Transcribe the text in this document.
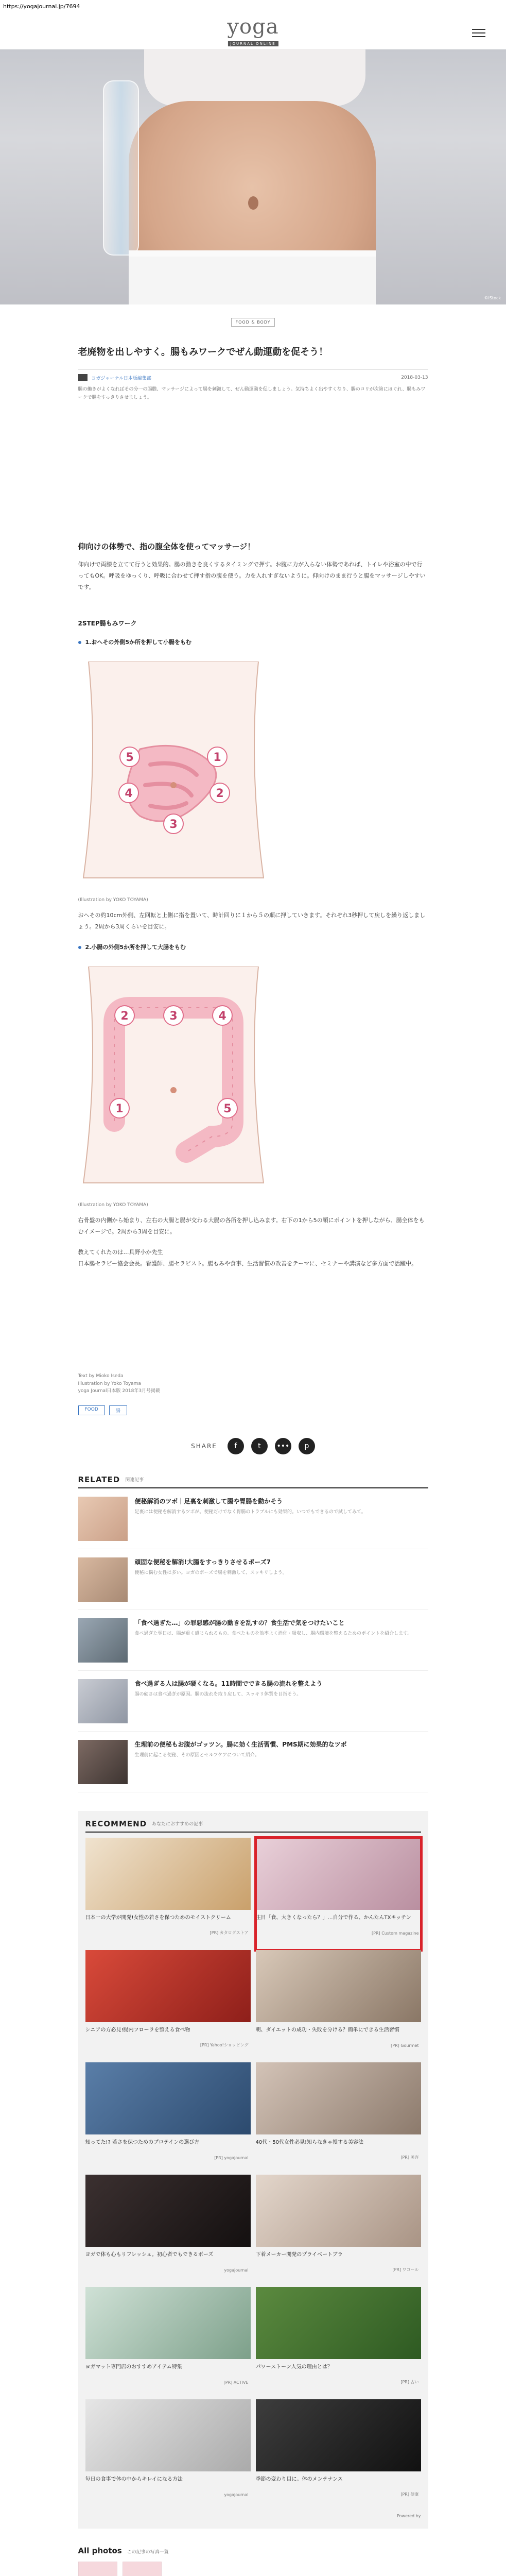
https://yogajournal.jp/7694
yoga
JOURNAL ONLINE
©iStock
FOOD & BODY
老廃物を出しやすく。腸もみワークでぜん動運動を促そう！
ヨガジャーナル日本版編集部	2018-03-13

腸の働きがよくなればその分一の腸膜、マッサージによって腸を刺激して、ぜん動運動を促しましょう。気持ちよく出やすくなり、腸のコリが次第にほぐれ、腸もみワークで腸をすっきりさせましょう。

仰向けの体勢で、指の腹全体を使ってマッサージ！

仰向けで両膝を立てて行うと効果的。腸の動きを良くするタイミングで押す。お腹に力が入らない体勢であれば、トイレや浴室の中で行ってもOK。呼吸をゆっくり、呼吸に合わせて押す指の腹を使う。力を入れすぎないように。仰向けのまま行うと腸をマッサージしやすいです。

2STEP腸もみワーク
1.おへその外側5か所を押して小腸をもむ
5	1
4	2
3
(Illustration by YOKO TOYAMA)

おへその約10cm外側、左回転と上側に指を置いて、時計回りに１から５の順に押していきます。それぞれ3秒押して戻しを繰り返しましょう。2周から3周くらいを目安に。

2.小腸の外側5か所を押して大腸をもむ
2	3	4
1	5
(Illustration by YOKO TOYAMA)

右骨盤の内側から始まり、左右の大腸と腸が交わる大腸の各所を押し込みます。右下の1から5の順にポイントを押しながら、腸全体をもむイメージで。2周から3周を目安に。

教えてくれたのは…具野小か先生

日本腸セラピー協会会長。看護師、腸セラピスト。腸もみや食事、生活習慣の改善をテーマに、セミナーや講演など多方面で活躍中。

Text by Mioko Iseda
Illustration by Yoko Toyama
yoga Journal日本版 2018年3月号掲載
FOOD	腸
SHARE	f	t	•••	p
RELATED 関連記事
便秘解消のツボ｜足裏を刺激して腸や胃腸を動かそう
足裏には便秘を解消するツボが。便秘だけでなく胃腸のトラブルにも効果的。いつでもできるので試してみて。
頑固な便秘を解消!大腸をすっきりさせるポーズ7
便秘に悩む女性は多い。ヨガのポーズで腸を刺激して、スッキリしよう。
「食べ過ぎた…」の罪悪感が腸の動きを乱すの？食生活で気をつけたいこと
食べ過ぎた翌日は、腸が重く感じられるもの。食べたものを効率よく消化・吸収し、腸内環境を整えるためのポイントを紹介します。
食べ過ぎる人は腸が硬くなる。11時間でできる腸の流れを整えよう
腸の硬さは食べ過ぎが原因。腸の流れを取り戻して、スッキリ体質を目指そう。
生理前の便秘もお腹がゴッツン。腸に効く生活習慣、PMS期に効果的なツボ
生理前に起こる便秘、その原因とセルフケアについて紹介。
RECOMMEND あなたにおすすめの記事
日本一の大学が開発!女性の若さを保つためのモイストクリーム
[PR] カタログストア
注目「食、大きくなったら？」…自分で作る、かんたんTXキッチン
[PR] Custom magazine
シニアの方必見!腸内フローラを整える食べ物
[PR] Yahoo!ショッピング
朝、ダイエットの成功・失敗を分ける？簡単にできる生活習慣
[PR] Gourmet
知ってた!? 若さを保つためのプロテインの選び方
[PR] yogajournal
40代・50代女性必見!知らなきゃ損する美容法
[PR] 美容
ヨガで体も心もリフレッシュ。初心者でもできるポーズ
yogajournal
下着メーカー開発のプライベートブラ
[PR] ワコール
ヨガマット専門店のおすすめアイテム特集
[PR] ACTIVE
パワーストーン人気の理由とは？
[PR] 占い
毎日の食事で体の中からキレイになる方法
yogajournal
季節の変わり目に。体のメンテナンス
[PR] 健康
Powered by
All photos この記事の写真一覧
